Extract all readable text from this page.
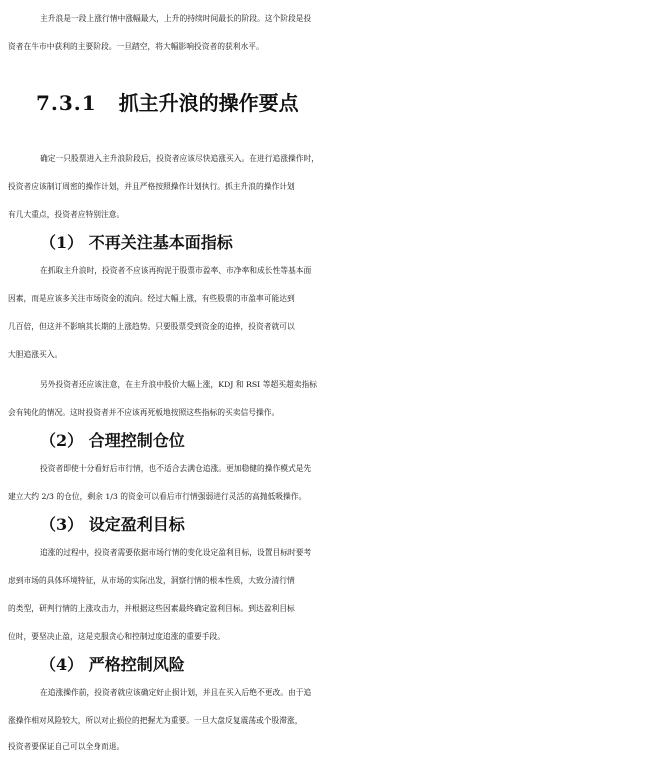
主升浪是一段上涨行情中涨幅最大，上升的持续时间最长的阶段。这个阶段是投
资者在牛市中获利的主要阶段。一旦踏空，将大幅影响投资者的获利水平。
7.3.1 抓主升浪的操作要点
确定一只股票进入主升浪阶段后，投资者应该尽快追涨买入。在进行追涨操作时，
投资者应该制订周密的操作计划，并且严格按照操作计划执行。抓主升浪的操作计划
有几大重点，投资者应特别注意。
（1） 不再关注基本面指标
在抓取主升浪时，投资者不应该再拘泥于股票市盈率、市净率和成长性等基本面
因素，而是应该多关注市场资金的流向。经过大幅上涨，有些股票的市盈率可能达到
几百倍，但这并不影响其长期的上涨趋势。只要股票受到资金的追捧，投资者就可以
大胆追涨买入。
另外投资者还应该注意，在主升浪中股价大幅上涨，KDJ 和 RSI 等超买超卖指标
会有钝化的情况。这时投资者并不应该再死板地按照这些指标的买卖信号操作。
（2） 合理控制仓位
投资者即使十分看好后市行情，也不适合去满仓追涨。更加稳健的操作模式是先
建立大约 2/3 的仓位，剩余 1/3 的资金可以看后市行情强弱进行灵活的高抛低吸操作。
（3） 设定盈利目标
追涨的过程中，投资者需要依据市场行情的变化设定盈利目标，设置目标时要考
虑到市场的具体环境特征，从市场的实际出发，洞察行情的根本性质，大致分清行情
的类型，研判行情的上涨攻击力，并根据这些因素最终确定盈利目标。到达盈利目标
位时，要坚决止盈，这是克服贪心和控制过度追涨的重要手段。
（4） 严格控制风险
在追涨操作前，投资者就应该确定好止损计划，并且在买入后绝不更改。由于追
涨操作相对风险较大，所以对止损位的把握尤为重要。一旦大盘反复震荡或个股滞涨，
投资者要保证自己可以全身而退。
